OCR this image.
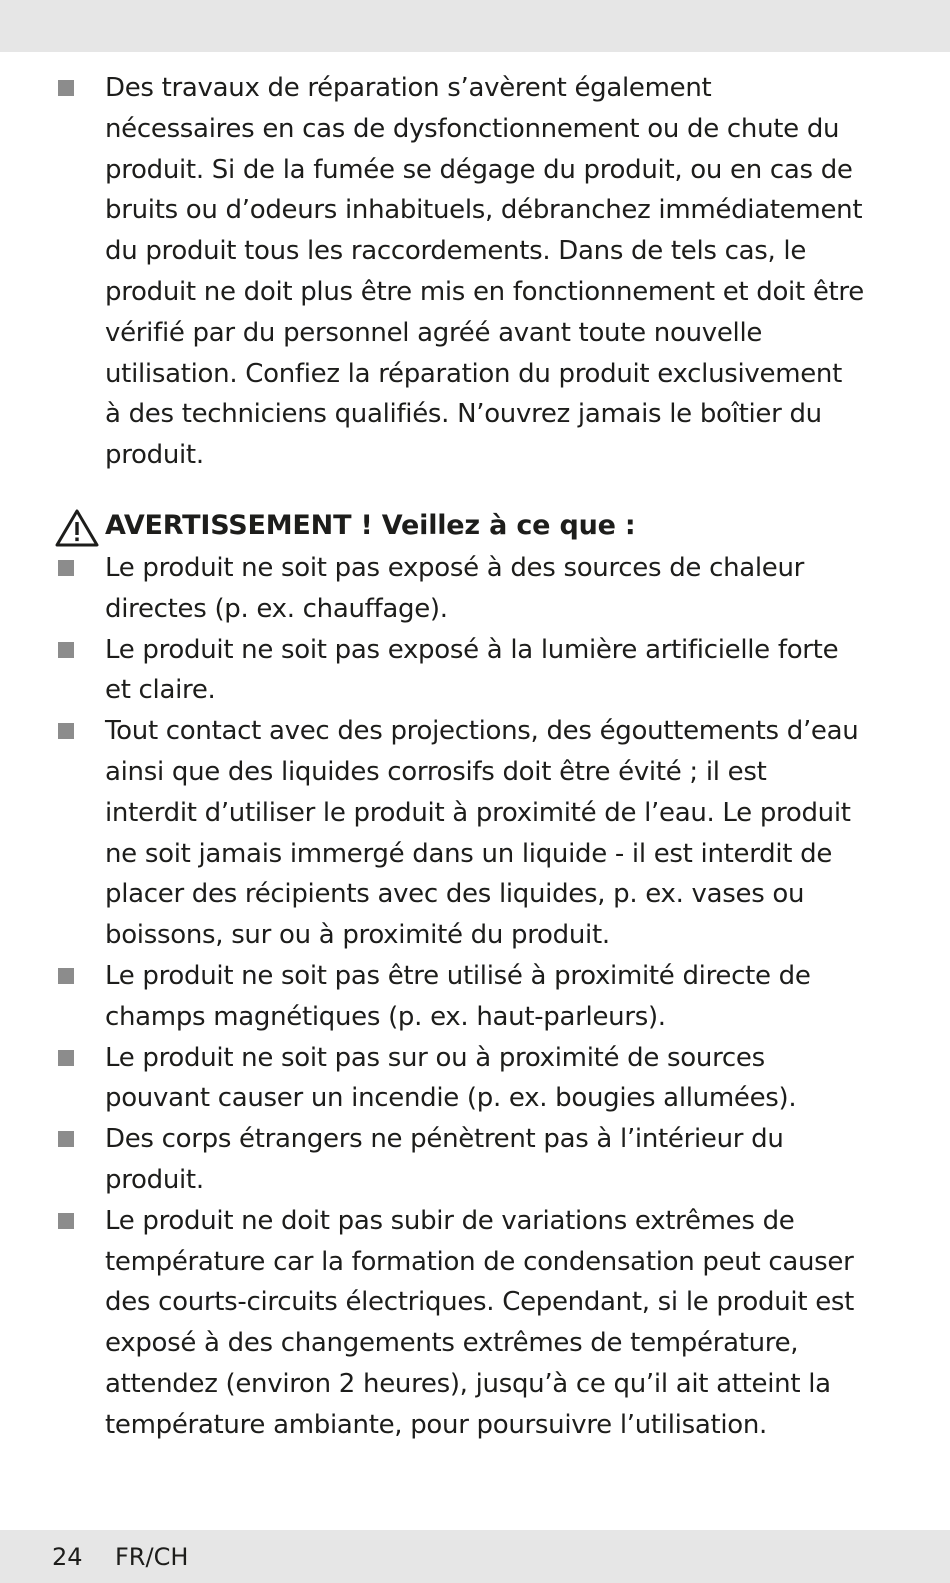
Des travaux de réparation s’avèrent également nécessaires en cas de dysfonctionnement ou de chute du produit. Si de la fumée se dégage du produit, ou en cas de bruits ou d’odeurs inhabituels, débranchez immédiatement du produit tous les raccordements. Dans de tels cas, le produit ne doit plus être mis en fonctionnement et doit être vérifié par du personnel agréé avant toute nouvelle utilisation. Confiez la réparation du produit exclusivement à des techniciens qualifiés. N’ouvrez jamais le boîtier du produit.
AVERTISSEMENT ! Veillez à ce que :
Le produit ne soit pas exposé à des sources de chaleur directes (p. ex. chauffage).
Le produit ne soit pas exposé à la lumière artificielle forte et claire.
Tout contact avec des projections, des égouttements d’eau ainsi que des liquides corrosifs doit être évité ; il est interdit d’utiliser le produit à proximité de l’eau. Le produit ne soit jamais immergé dans un liquide - il est interdit de placer des récipients avec des liquides, p. ex. vases ou boissons, sur ou à proximité du produit.
Le produit ne soit pas être utilisé à proximité directe de champs magnétiques (p. ex. haut-parleurs).
Le produit ne soit pas sur ou à proximité de sources pouvant causer un incendie (p. ex. bougies allumées).
Des corps étrangers ne pénètrent pas à l’intérieur du produit.
Le produit ne doit pas subir de variations extrêmes de température car la formation de condensation peut causer des courts-circuits électriques. Cependant, si le produit est exposé à des changements extrêmes de température, attendez (environ 2 heures), jusqu’à ce qu’il ait atteint la température ambiante, pour poursuivre l’utilisation.
24 FR/CH
